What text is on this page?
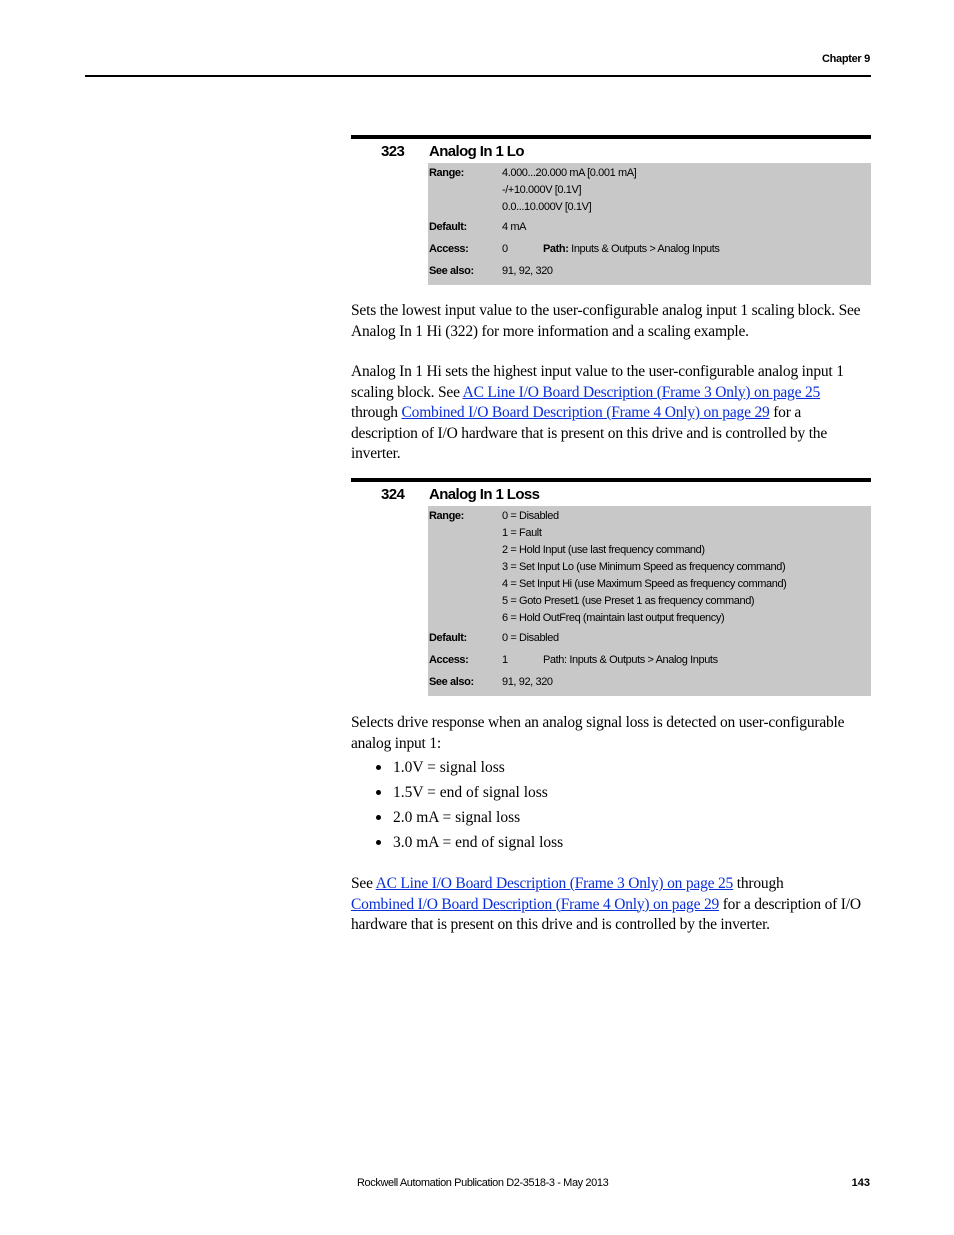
Chapter 9
323	Analog In 1 Lo
Range:	4.000...20.000 mA [0.001 mA]
-/+10.000V [0.1V]
0.0...10.000V [0.1V]
Default:	4 mA
Access:	0	Path: Inputs & Outputs > Analog Inputs
See also:	91, 92, 320

Sets the lowest input value to the user-configurable analog input 1 scaling block. See Analog In 1 Hi (322) for more information and a scaling example.

Analog In 1 Hi sets the highest input value to the user-configurable analog input 1 scaling block. See AC Line I/O Board Description (Frame 3 Only) on page 25
through Combined I/O Board Description (Frame 4 Only) on page 29 for a description of I/O hardware that is present on this drive and is controlled by the inverter.

324	Analog In 1 Loss
Range:	0 = Disabled
1 = Fault
2 = Hold Input (use last frequency command)
3 = Set Input Lo (use Minimum Speed as frequency command)
4 = Set Input Hi (use Maximum Speed as frequency command)
5 = Goto Preset1 (use Preset 1 as frequency command)
6 = Hold OutFreq (maintain last output frequency)
Default:	0 = Disabled
Access:	1	Path: Inputs & Outputs > Analog Inputs
See also:	91, 92, 320

Selects drive response when an analog signal loss is detected on user-configurable analog input 1:

1.0V = signal loss
1.5V = end of signal loss
2.0 mA = signal loss
3.0 mA = end of signal loss

See AC Line I/O Board Description (Frame 3 Only) on page 25 through
Combined I/O Board Description (Frame 4 Only) on page 29 for a description of I/O hardware that is present on this drive and is controlled by the inverter.

Rockwell Automation Publication D2-3518-3 - May 2013	143
